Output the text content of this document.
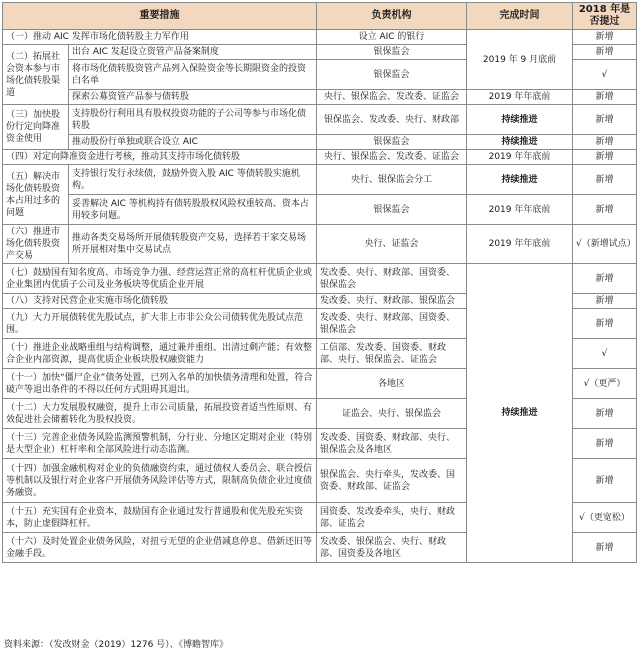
重要措施		负责机构	完成时间	2018 年是否提过
（一）推动 AIC 发挥市场化债转股主力军作用		设立 AIC 的银行	2019 年 9 月底前	新增
（二）拓展社会资本参与市场化债转股渠道	出台 AIC 发起设立资管产品备案制度	银保监会		新增
	将市场化债转股资管产品列入保险资金等长期限资金的投资白名单	银保监会		√
	探索公募资管产品参与债转股	央行、银保监会、发改委、证监会	2019 年年底前	新增
（三）加快股份行定向降准资金使用	支持股份行利用具有股权投资功能的子公司等参与市场化债转股	银保监会、发改委、央行、财政部	持续推进	新增
	推动股份行单独或联合设立 AIC	银保监会	持续推进	新增
（四）对定向降准资金进行考核，推动其支持市场化债转股		央行、银保监会、发改委、证监会	2019 年年底前	新增
（五）解决市场化债转股资本占用过多的问题	支持银行发行永续债，鼓励外资入股 AIC 等债转股实施机构。	央行、银保监会分工	持续推进	新增
	妥善解决 AIC 等机构持有债转股股权风险权重较高、资本占用较多问题。	银保监会	2019 年年底前	新增
（六）推进市场化债转股资产交易	推动各类交易场所开展债转股资产交易，选择若干家交易场所开展相对集中交易试点	央行、证监会	2019 年年底前	√（新增试点）
（七）鼓励国有知名度高、市场竞争力强、经营运营正常的高杠杆优质企业或企业集团内优质子公司及业务板块等优质企业开展		发改委、央行、财政部、国资委、银保监会	持续推进	新增
（八）支持对民营企业实施市场化债转股		发改委、央行、财政部、银保监会		新增
（九）大力开展债转优先股试点，扩大非上市非公众公司债转优先股试点范围。		发改委、央行、财政部、国资委、银保监会		新增
（十）推进企业战略重组与结构调整，通过兼并重组、出清过剩产能；有效整合企业内部资源，提高优质企业板块股权融资能力		工信部、发改委、国资委、财政部、央行、银保监会、证监会		√
（十一）加快“僵尸企业”债务处置，已列入名单的加快债务清理和处置，符合破产等退出条件的不得以任何方式阻碍其退出。		各地区		√（更严）
（十二）大力发展股权融资，提升上市公司质量，拓展投资者适当性原则、有效促进社会储蓄转化为股权投资。		证监会、央行、银保监会		新增
（十三）完善企业债务风险监测预警机制，分行业、分地区定期对企业（特别是大型企业）杠杆率和全部风险进行动态监测。		发改委、国资委、财政部、央行、银保监会及各地区		新增
（十四）加强金融机构对企业的负债融资约束，通过债权人委员会、联合授信等机制以及银行对企业客户开展债务风险评估等方式，限制高负债企业过度债务融资。		银保监会、央行牵头，发改委、国资委、财政部、证监会		新增
（十五）充实国有企业资本，鼓励国有企业通过发行普通股和优先股充实资本，防止虚假降杠杆。		国资委、发改委牵头，央行、财政部、证监会		√（更宽松）
（十六）及时处置企业债务风险，对扭亏无望的企业借减息停息、借新还旧等金融手段。		发改委、银保监会、央行、财政部、国资委及各地区		新增
资料来源：（发改财金（2019）1276 号）、《博瞻智库》
